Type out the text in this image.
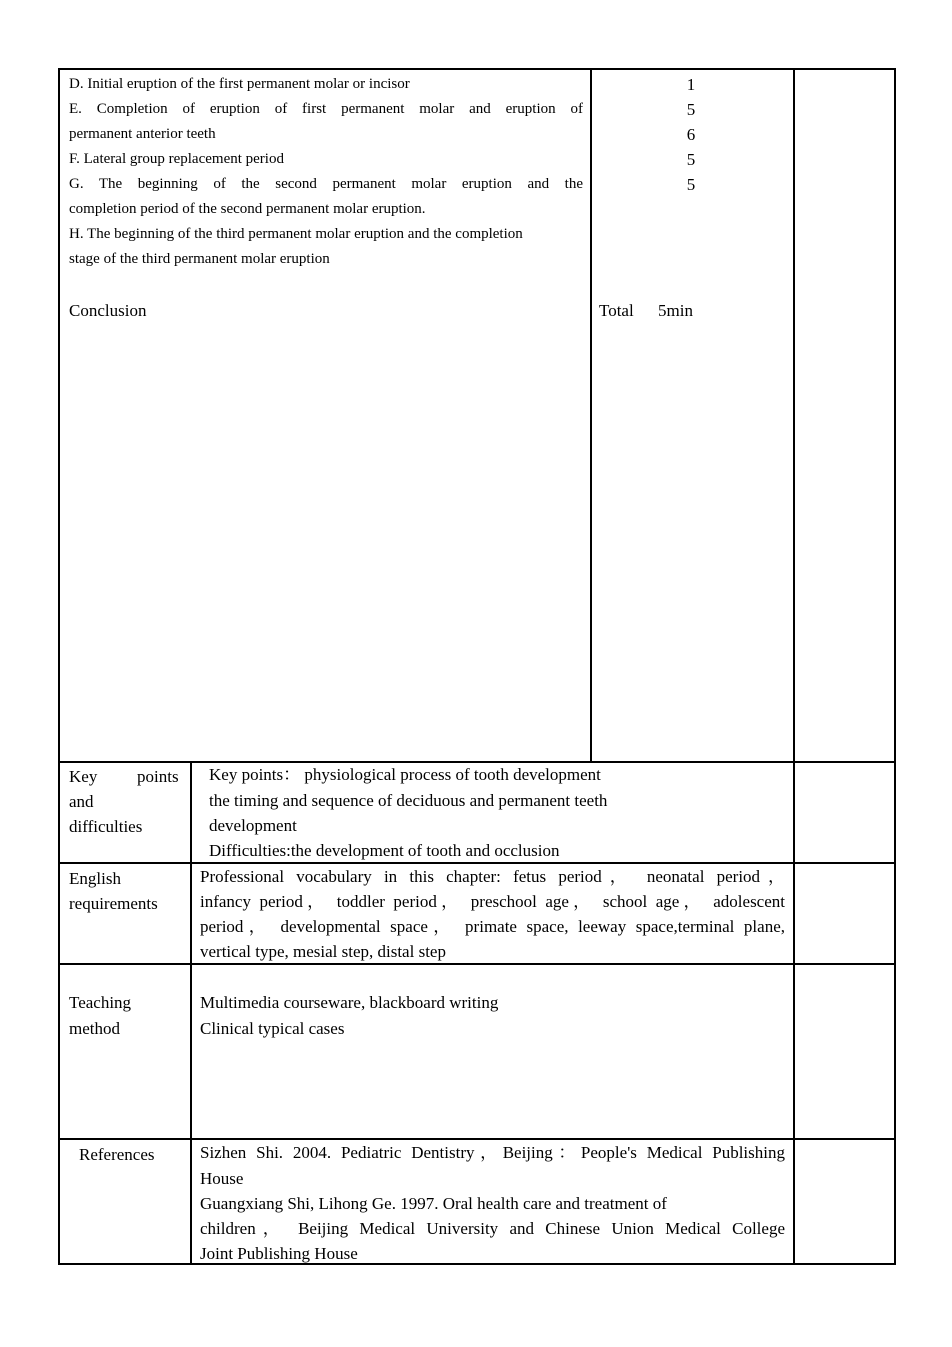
D. Initial eruption of the first permanent molar or incisor
E. Completion of eruption of first permanent molar and eruption of
permanent anterior teeth
F. Lateral group replacement period
G. The beginning of the second permanent molar eruption and the
completion period of the second permanent molar eruption.
H. The beginning of the third permanent molar eruption and the completion
stage of the third permanent molar eruption
Conclusion
1
5
6
5
5
Total 5min
Key points
and
difficulties
Key points： physiological process of tooth development
the timing and sequence of deciduous and permanent teeth
development
Difficulties:the development of tooth and occlusion
English
requirements
Professional vocabulary in this chapter: fetus period， neonatal period，
infancy period， toddler period， preschool age， school age， adolescent
period， developmental space， primate space, leeway space,terminal plane,
vertical type, mesial step, distal step
Teaching
method
Multimedia courseware, blackboard writing
Clinical typical cases
References	Sizhen Shi. 2004. Pediatric Dentistry，Beijing：People's Medical Publishing
House
Guangxiang Shi, Lihong Ge. 1997. Oral health care and treatment of
children， Beijing Medical University and Chinese Union Medical College
Joint Publishing House
